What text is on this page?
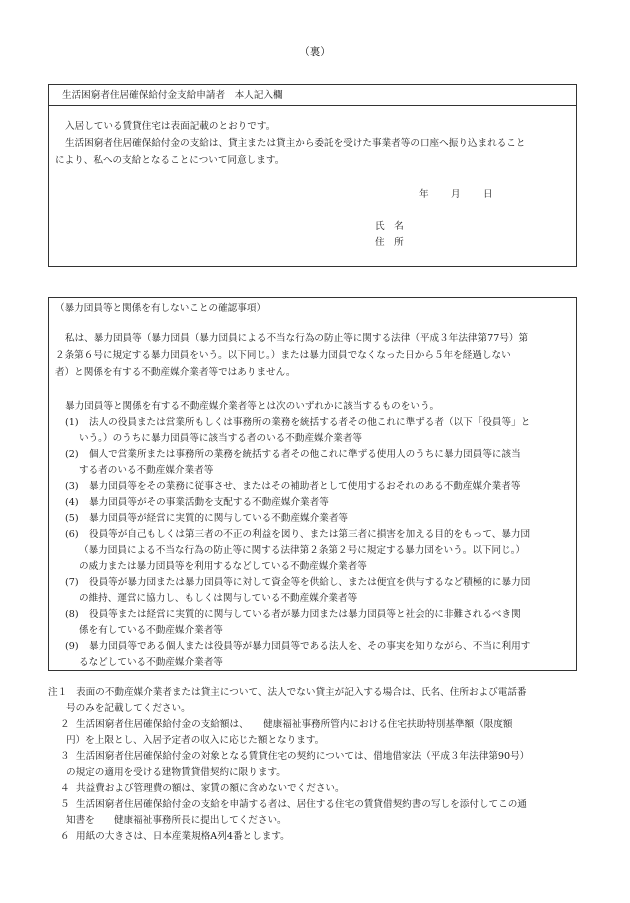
（裏）
生活困窮者住居確保給付金支給申請者　本人記入欄
入居している賃貸住宅は表面記載のとおりです。
生活困窮者住居確保給付金の支給は、貸主または貸主から委託を受けた事業者等の口座へ振り込まれること
により、私への支給となることについて同意します。
年 月 日
氏　名
住　所
（暴力団員等と関係を有しないことの確認事項）
私は、暴力団員等（暴力団員（暴力団員による不当な行為の防止等に関する法律（平成３年法律第77号）第
２条第６号に規定する暴力団員をいう。以下同じ。）または暴力団員でなくなった日から５年を経過しない
者）と関係を有する不動産媒介業者等ではありません。
暴力団員等と関係を有する不動産媒介業者等とは次のいずれかに該当するものをいう。
(1) 法人の役員または営業所もしくは事務所の業務を統括する者その他これに準ずる者（以下「役員等」と
いう。）のうちに暴力団員等に該当する者のいる不動産媒介業者等
(2) 個人で営業所または事務所の業務を統括する者その他これに準ずる使用人のうちに暴力団員等に該当
する者のいる不動産媒介業者等
(3) 暴力団員等をその業務に従事させ、またはその補助者として使用するおそれのある不動産媒介業者等
(4) 暴力団員等がその事業活動を支配する不動産媒介業者等
(5) 暴力団員等が経営に実質的に関与している不動産媒介業者等
(6) 役員等が自己もしくは第三者の不正の利益を図り、または第三者に損害を加える目的をもって、暴力団
（暴力団員による不当な行為の防止等に関する法律第２条第２号に規定する暴力団をいう。以下同じ。）
の威力または暴力団員等を利用するなどしている不動産媒介業者等
(7) 役員等が暴力団または暴力団員等に対して資金等を供給し、または便宜を供与するなど積極的に暴力団
の維持、運営に協力し、もしくは関与している不動産媒介業者等
(8) 役員等または経営に実質的に関与している者が暴力団または暴力団員等と社会的に非難されるべき関
係を有している不動産媒介業者等
(9) 暴力団員等である個人または役員等が暴力団員等である法人を、その事実を知りながら、不当に利用す
るなどしている不動産媒介業者等
注１ 表面の不動産媒介業者または貸主について、法人でない貸主が記入する場合は、氏名、住所および電話番
号のみを記載してください。
２ 生活困窮者住居確保給付金の支給額は、　　健康福祉事務所管内における住宅扶助特別基準額（限度額
円）を上限とし、入居予定者の収入に応じた額となります。
３ 生活困窮者住居確保給付金の対象となる賃貸住宅の契約については、借地借家法（平成３年法律第90号）
の規定の適用を受ける建物賃貸借契約に限ります。
４ 共益費および管理費の額は、家賃の額に含めないでください。
５ 生活困窮者住居確保給付金の支給を申請する者は、居住する住宅の賃貸借契約書の写しを添付してこの通
知書を　　健康福祉事務所長に提出してください。
６ 用紙の大きさは、日本産業規格A列4番とします。
